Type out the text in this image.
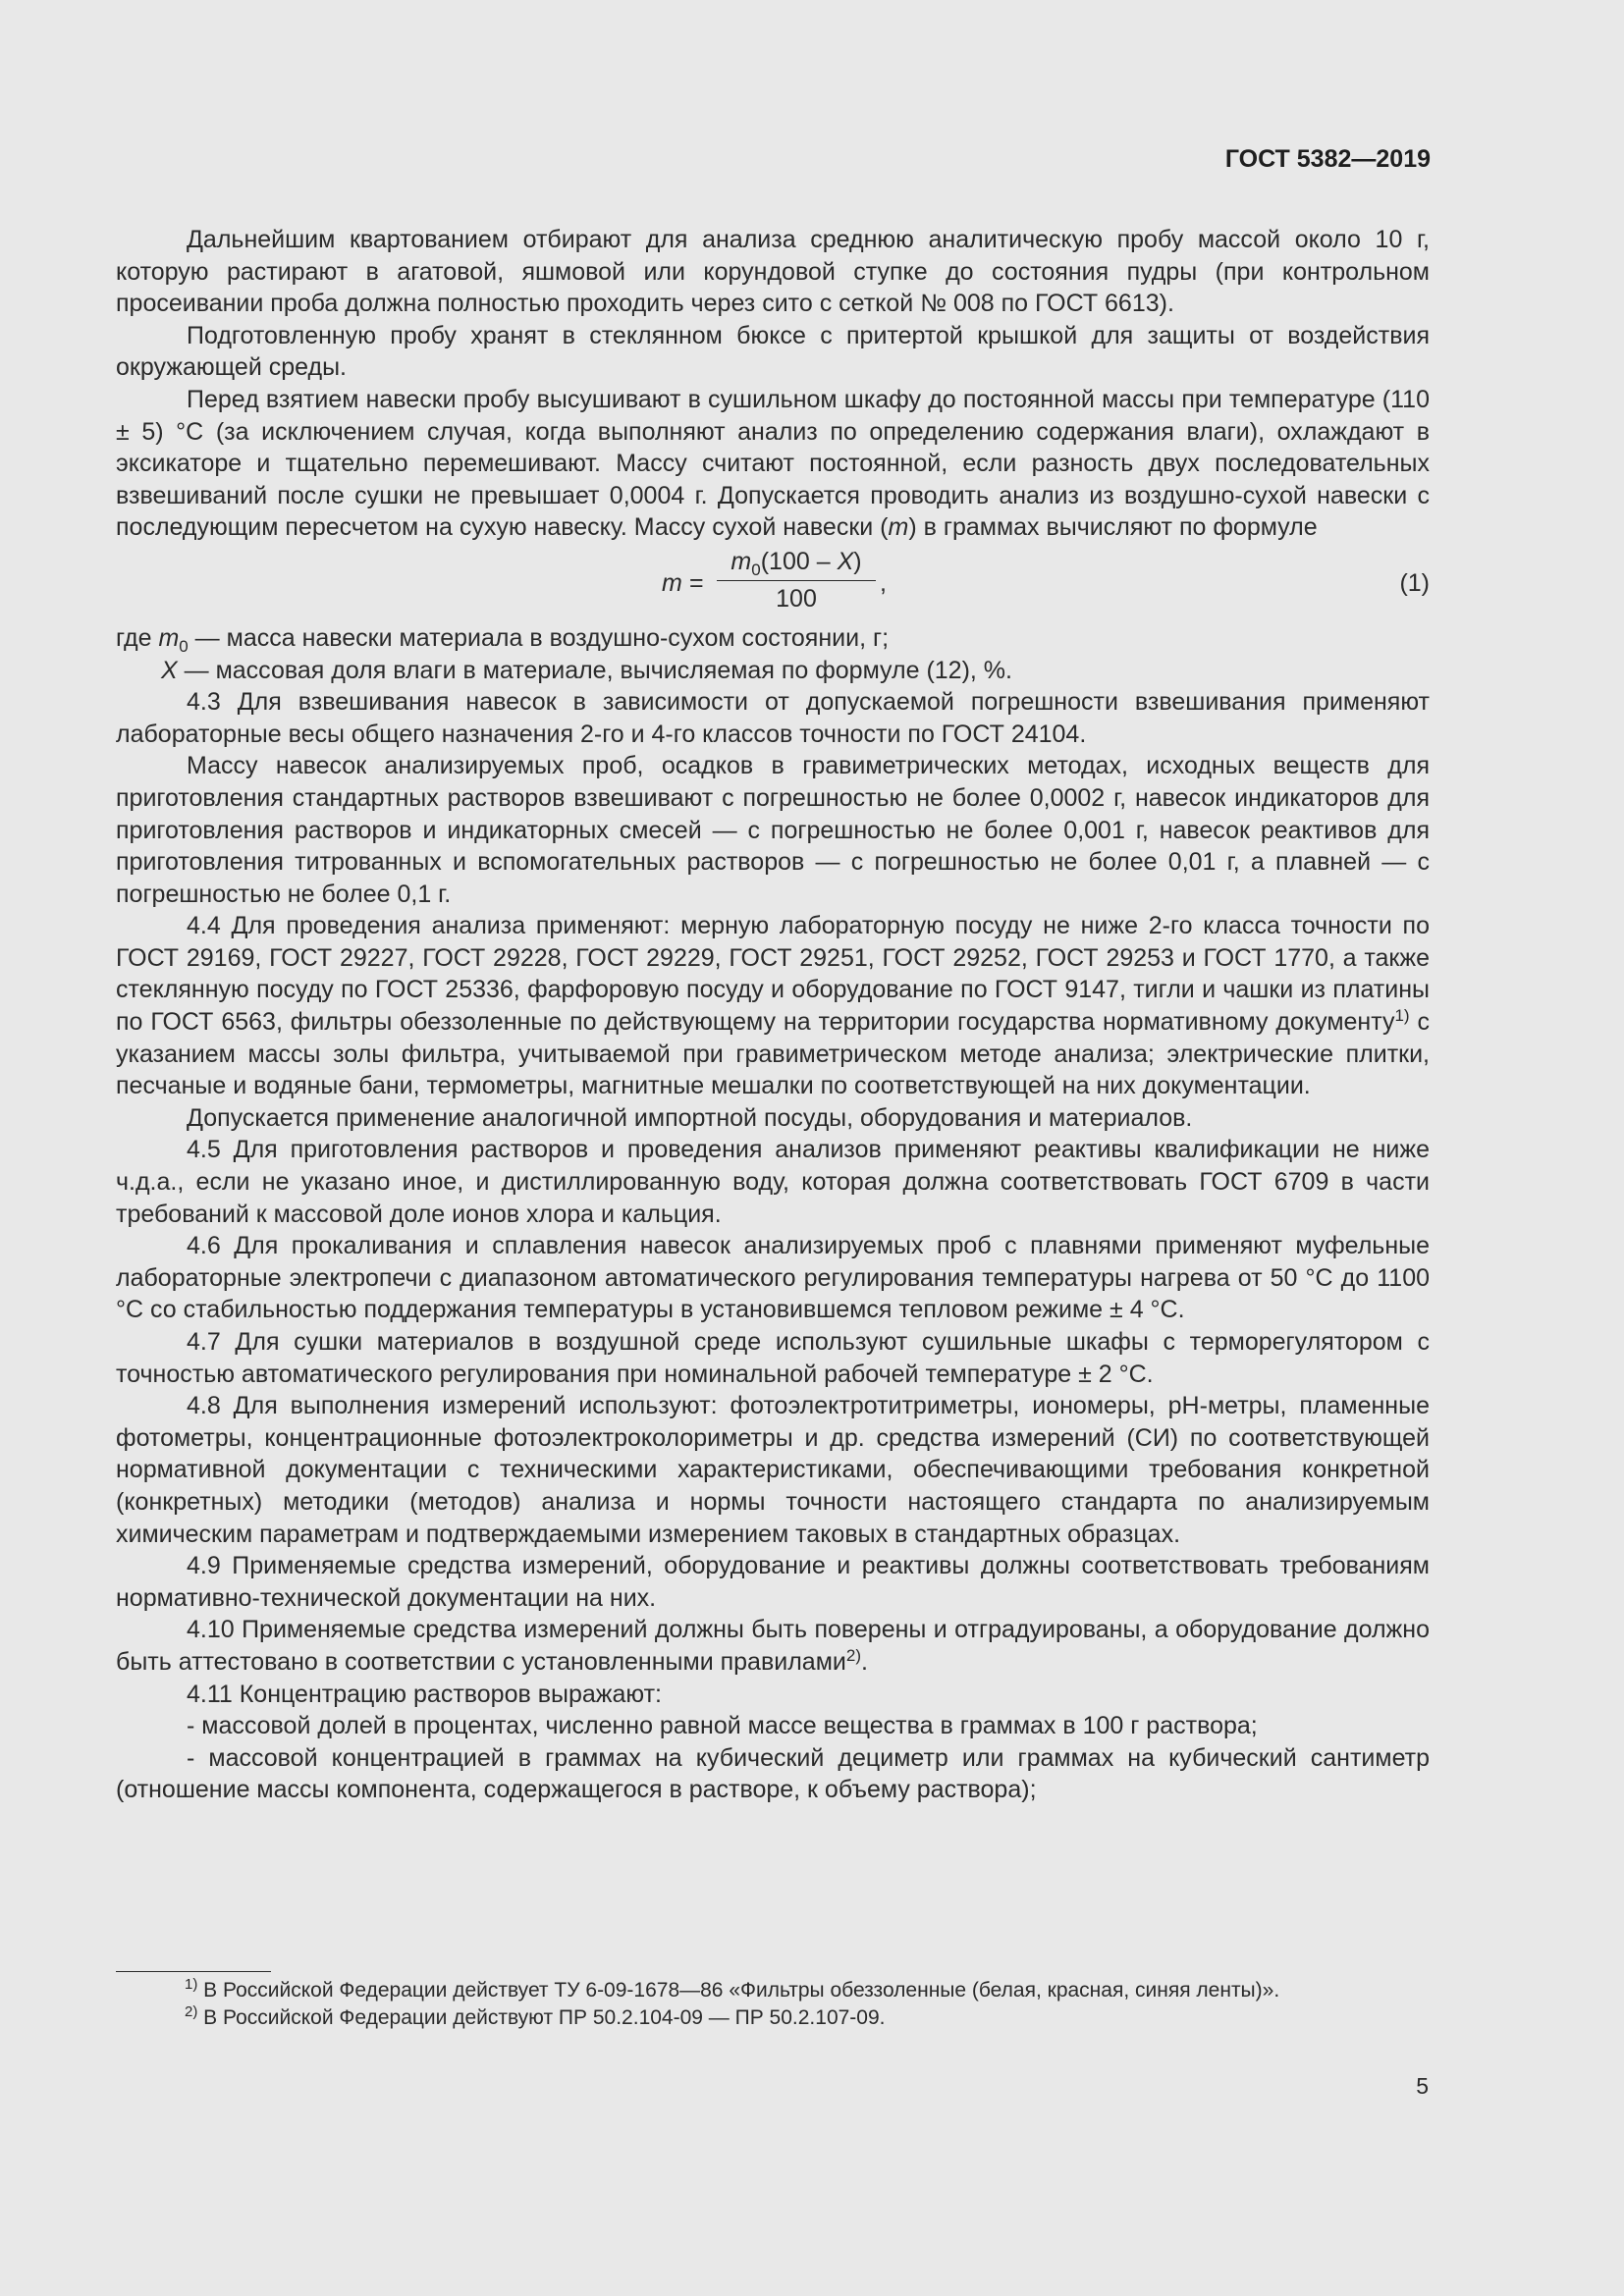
ГОСТ 5382—2019

Дальнейшим квартованием отбирают для анализа среднюю аналитическую пробу массой около 10 г, которую растирают в агатовой, яшмовой или корундовой ступке до состояния пудры (при контрольном просеивании проба должна полностью проходить через сито с сеткой № 008 по ГОСТ 6613).

Подготовленную пробу хранят в стеклянном бюксе с притертой крышкой для защиты от воздействия окружающей среды.

Перед взятием навески пробу высушивают в сушильном шкафу до постоянной массы при температуре (110 ± 5) °С (за исключением случая, когда выполняют анализ по определению содержания влаги), охлаждают в эксикаторе и тщательно перемешивают. Массу считают постоянной, если разность двух последовательных взвешиваний после сушки не превышает 0,0004 г. Допускается проводить анализ из воздушно-сухой навески с последующим пересчетом на сухую навеску. Массу сухой навески (m) в граммах вычисляют по формуле

m =
$m_0(100 - X)$
100
,	(1)

где $m_0$ — масса навески материала в воздушно-сухом состоянии, г;

X — массовая доля влаги в материале, вычисляемая по формуле (12), %.

4.3 Для взвешивания навесок в зависимости от допускаемой погрешности взвешивания применяют лабораторные весы общего назначения 2-го и 4-го классов точности по ГОСТ 24104.

Массу навесок анализируемых проб, осадков в гравиметрических методах, исходных веществ для приготовления стандартных растворов взвешивают с погрешностью не более 0,0002 г, навесок индикаторов для приготовления растворов и индикаторных смесей — с погрешностью не более 0,001 г, навесок реактивов для приготовления титрованных и вспомогательных растворов — с погрешностью не более 0,01 г, а плавней — с погрешностью не более 0,1 г.

4.4 Для проведения анализа применяют: мерную лабораторную посуду не ниже 2-го класса точности по ГОСТ 29169, ГОСТ 29227, ГОСТ 29228, ГОСТ 29229, ГОСТ 29251, ГОСТ 29252, ГОСТ 29253 и ГОСТ 1770, а также стеклянную посуду по ГОСТ 25336, фарфоровую посуду и оборудование по ГОСТ 9147, тигли и чашки из платины по ГОСТ 6563, фильтры обеззоленные по действующему на территории государства нормативному документу$^{1)}$ с указанием массы золы фильтра, учитываемой при гравиметрическом методе анализа; электрические плитки, песчаные и водяные бани, термометры, магнитные мешалки по соответствующей на них документации.

Допускается применение аналогичной импортной посуды, оборудования и материалов.

4.5 Для приготовления растворов и проведения анализов применяют реактивы квалификации не ниже ч.д.а., если не указано иное, и дистиллированную воду, которая должна соответствовать ГОСТ 6709 в части требований к массовой доле ионов хлора и кальция.

4.6 Для прокаливания и сплавления навесок анализируемых проб с плавнями применяют муфельные лабораторные электропечи с диапазоном автоматического регулирования температуры нагрева от 50 °С до 1100 °С со стабильностью поддержания температуры в установившемся тепловом режиме ± 4 °С.

4.7 Для сушки материалов в воздушной среде используют сушильные шкафы с терморегулятором с точностью автоматического регулирования при номинальной рабочей температуре ± 2 °С.

4.8 Для выполнения измерений используют: фотоэлектротитриметры, иономеры, рН-метры, пламенные фотометры, концентрационные фотоэлектроколориметры и др. средства измерений (СИ) по соответствующей нормативной документации с техническими характеристиками, обеспечивающими требования конкретной (конкретных) методики (методов) анализа и нормы точности настоящего стандарта по анализируемым химическим параметрам и подтверждаемыми измерением таковых в стандартных образцах.

4.9 Применяемые средства измерений, оборудование и реактивы должны соответствовать требованиям нормативно-технической документации на них.

4.10 Применяемые средства измерений должны быть поверены и отградуированы, а оборудование должно быть аттестовано в соответствии с установленными правилами$^{2)}$.

4.11 Концентрацию растворов выражают:

- массовой долей в процентах, численно равной массе вещества в граммах в 100 г раствора;

- массовой концентрацией в граммах на кубический дециметр или граммах на кубический сантиметр (отношение массы компонента, содержащегося в растворе, к объему раствора);

$^{1)}$ В Российской Федерации действует ТУ 6-09-1678—86 «Фильтры обеззоленные (белая, красная, синяя ленты)».

$^{2)}$ В Российской Федерации действуют ПР 50.2.104-09 — ПР 50.2.107-09.

5
